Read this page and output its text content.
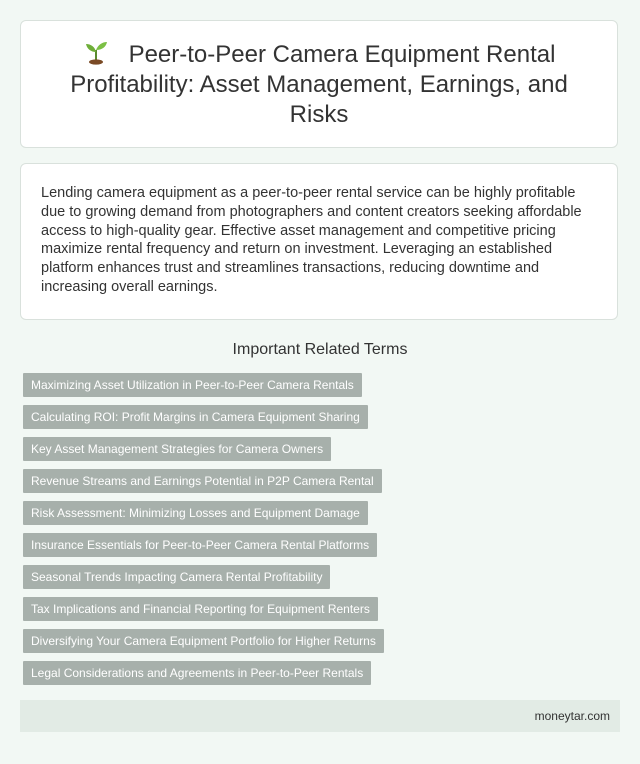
Peer-to-Peer Camera Equipment Rental Profitability: Asset Management, Earnings, and Risks

Lending camera equipment as a peer-to-peer rental service can be highly profitable due to growing demand from photographers and content creators seeking affordable access to high-quality gear. Effective asset management and competitive pricing maximize rental frequency and return on investment. Leveraging an established platform enhances trust and streamlines transactions, reducing downtime and increasing overall earnings.

Important Related Terms
Maximizing Asset Utilization in Peer-to-Peer Camera Rentals
Calculating ROI: Profit Margins in Camera Equipment Sharing
Key Asset Management Strategies for Camera Owners
Revenue Streams and Earnings Potential in P2P Camera Rental
Risk Assessment: Minimizing Losses and Equipment Damage
Insurance Essentials for Peer-to-Peer Camera Rental Platforms
Seasonal Trends Impacting Camera Rental Profitability
Tax Implications and Financial Reporting for Equipment Renters
Diversifying Your Camera Equipment Portfolio for Higher Returns
Legal Considerations and Agreements in Peer-to-Peer Rentals
moneytar.com
